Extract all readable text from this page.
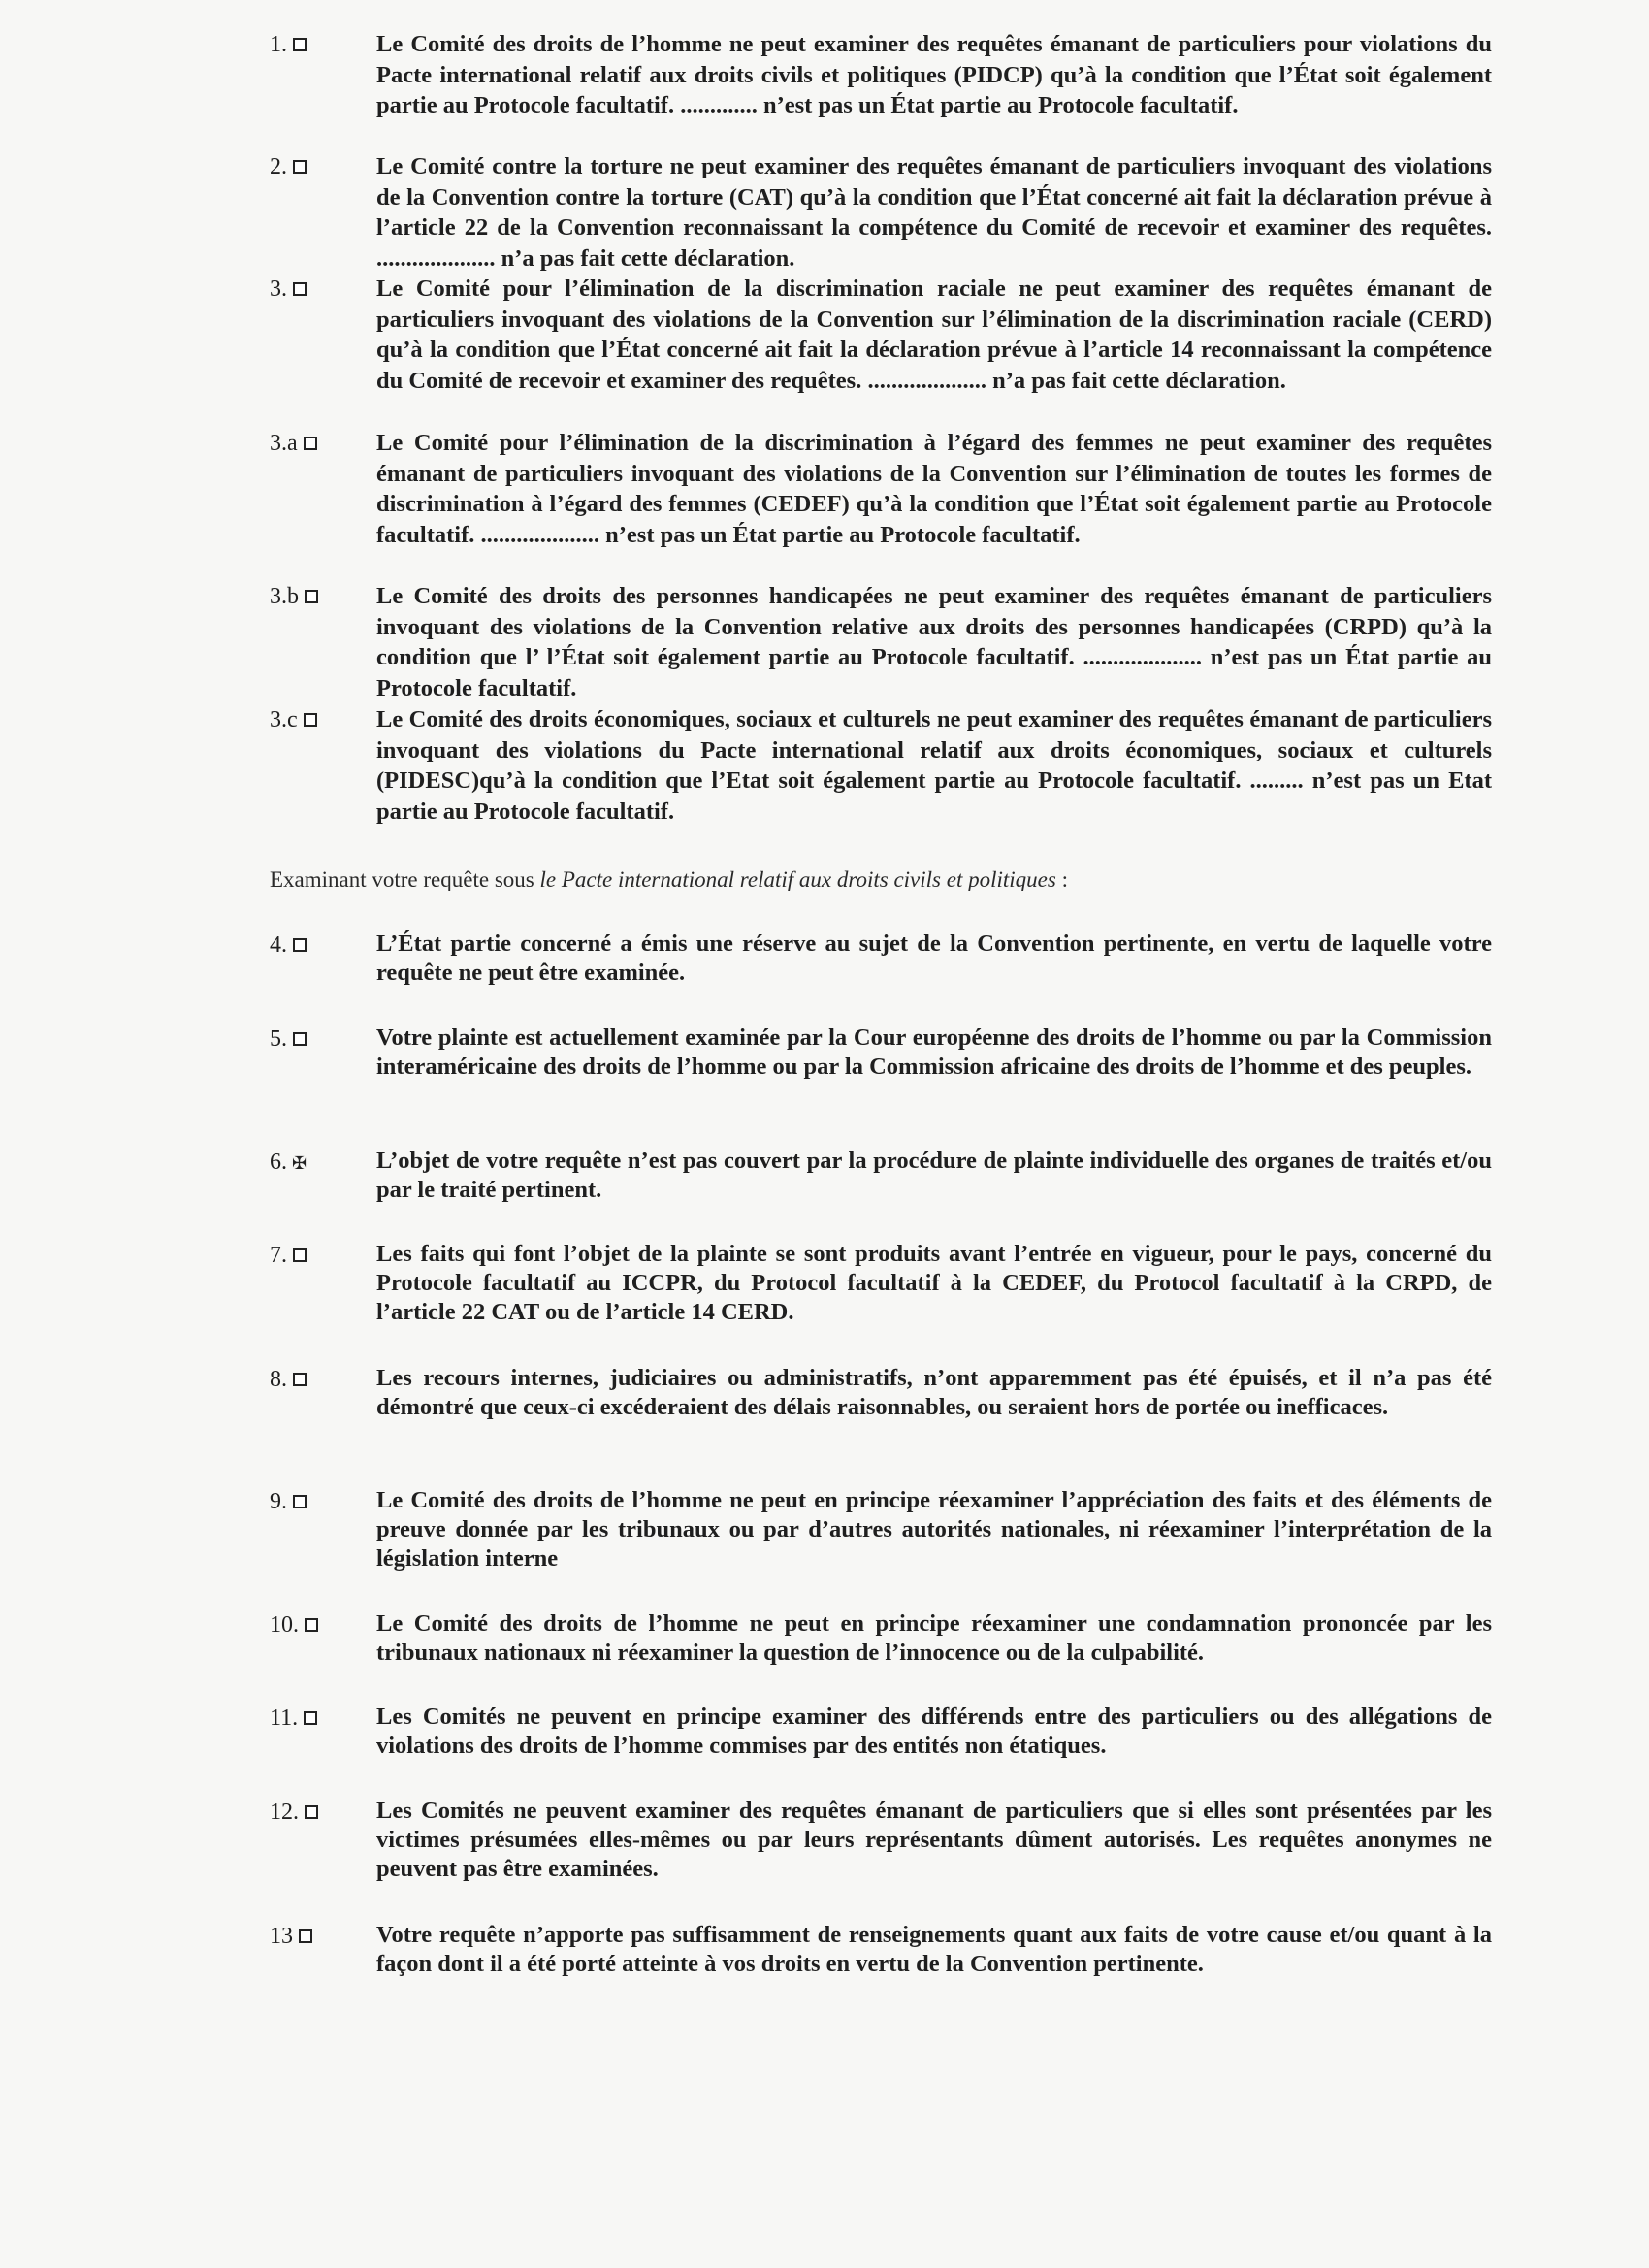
1.	Le Comité des droits de l’homme ne peut examiner des requêtes émanant de particuliers pour violations du Pacte international relatif aux droits civils et politiques (PIDCP) qu’à la condition que l’État soit également partie au Protocole facultatif. ............. n’est pas un État partie au Protocole facultatif.
2.	Le Comité contre la torture ne peut examiner des requêtes émanant de particuliers invoquant des violations de la Convention contre la torture (CAT) qu’à la condition que l’État concerné ait fait la déclaration prévue à l’article 22 de la Convention reconnaissant la compétence du Comité de recevoir et examiner des requêtes. .................... n’a pas fait cette déclaration.
3.	Le Comité pour l’élimination de la discrimination raciale ne peut examiner des requêtes émanant de particuliers invoquant des violations de la Convention sur l’élimination de la discrimination raciale (CERD) qu’à la condition que l’État concerné ait fait la déclaration prévue à l’article 14 reconnaissant la compétence du Comité de recevoir et examiner des requêtes. .................... n’a pas fait cette déclaration.
3.a	Le Comité pour l’élimination de la discrimination à l’égard des femmes ne peut examiner des requêtes émanant de particuliers invoquant des violations de la Convention sur l’élimination de toutes les formes de discrimination à l’égard des femmes (CEDEF) qu’à la condition que l’État soit également partie au Protocole facultatif. .................... n’est pas un État partie au Protocole facultatif.
3.b	Le Comité des droits des personnes handicapées ne peut examiner des requêtes émanant de particuliers invoquant des violations de la Convention relative aux droits des personnes handicapées (CRPD) qu’à la condition que l’ l’État soit également partie au Protocole facultatif. .................... n’est pas un État partie au Protocole facultatif.
3.c	Le Comité des droits économiques, sociaux et culturels ne peut examiner des requêtes émanant de particuliers invoquant des violations du Pacte international relatif aux droits économiques, sociaux et culturels (PIDESC)qu’à la condition que l’Etat soit également partie au Protocole facultatif. ......... n’est pas un Etat partie au Protocole facultatif.
Examinant votre requête sous le Pacte international relatif aux droits civils et politiques :
4.	L’État partie concerné a émis une réserve au sujet de la Convention pertinente, en vertu de laquelle votre requête ne peut être examinée.
5.	Votre plainte est actuellement examinée par la Cour européenne des droits de l’homme ou par la Commission interaméricaine des droits de l’homme ou par la Commission africaine des droits de l’homme et des peuples.
6.
✠	L’objet de votre requête n’est pas couvert par la procédure de plainte individuelle des organes de traités et/ou par le traité pertinent.
7.	Les faits qui font l’objet de la plainte se sont produits avant l’entrée en vigueur, pour le pays, concerné du Protocole facultatif au ICCPR, du Protocol facultatif à la CEDEF, du Protocol facultatif à la CRPD, de l’article 22 CAT ou de l’article 14 CERD.
8.	Les recours internes, judiciaires ou administratifs, n’ont apparemment pas été épuisés, et il n’a pas été démontré que ceux-ci excéderaient des délais raisonnables, ou seraient hors de portée ou inefficaces.
9.	Le Comité des droits de l’homme ne peut en principe réexaminer l’appréciation des faits et des éléments de preuve donnée par les tribunaux ou par d’autres autorités nationales, ni réexaminer l’interprétation de la législation interne
10.	Le Comité des droits de l’homme ne peut en principe réexaminer une condamnation prononcée par les tribunaux nationaux ni réexaminer la question de l’innocence ou de la culpabilité.
11.	Les Comités ne peuvent en principe examiner des différends entre des particuliers ou des allégations de violations des droits de l’homme commises par des entités non étatiques.
12.	Les Comités ne peuvent examiner des requêtes émanant de particuliers que si elles sont présentées par les victimes présumées elles-mêmes ou par leurs représentants dûment autorisés. Les requêtes anonymes ne peuvent pas être examinées.
13	Votre requête n’apporte pas suffisamment de renseignements quant aux faits de votre cause et/ou quant à la façon dont il a été porté atteinte à vos droits en vertu de la Convention pertinente.
